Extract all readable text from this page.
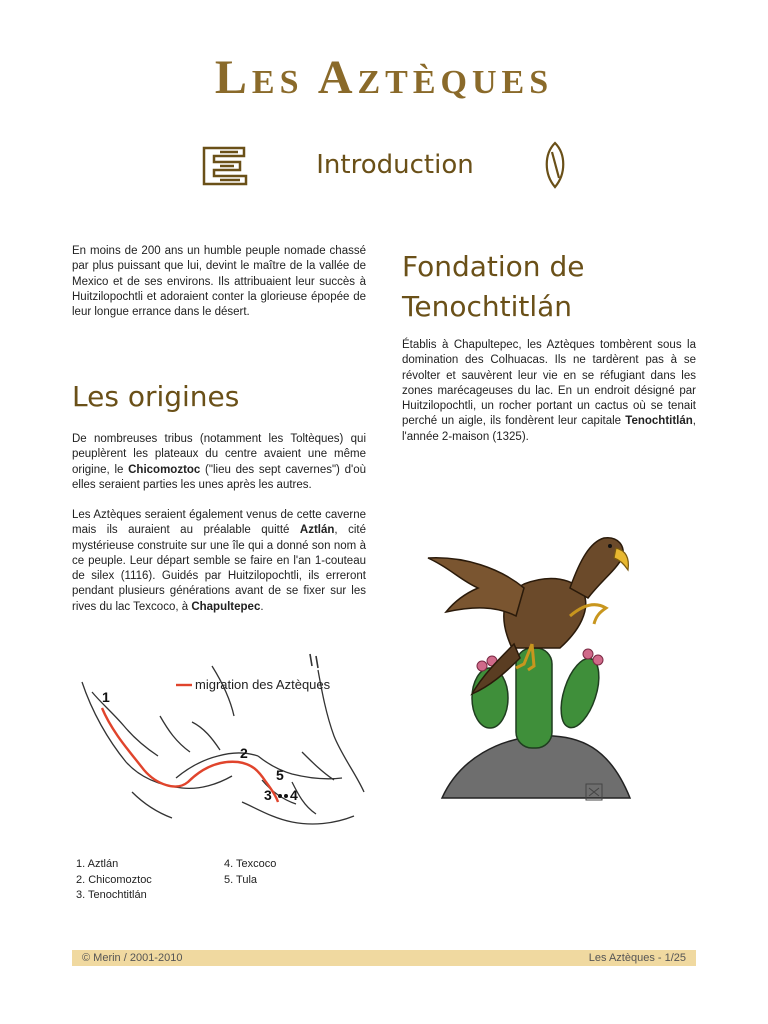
Les Aztèques
Introduction

En moins de 200 ans un humble peuple nomade chassé par plus puissant que lui, devint le maître de la vallée de Mexico et de ses environs. Ils attribuaient leur succès à Huitzilopochtli et adoraient conter la glorieuse épopée de leur longue errance dans le désert.

Les origines

De nombreuses tribus (notamment les Toltèques) qui peuplèrent les plateaux du centre avaient une même origine, le Chicomoztoc ("lieu des sept cavernes") d'où elles seraient parties les unes après les autres.

Les Aztèques seraient également venus de cette caverne mais ils auraient au préalable quitté Aztlán, cité mystérieuse construite sur une île qui a donné son nom à ce peuple. Leur départ semble se faire en l'an 1-couteau de silex (1116). Guidés par Huitzilopochtli, ils erreront pendant plusieurs générations avant de se fixer sur les rives du lac Texcoco, à Chapultepec.

Fondation de
Tenochtitlán

Établis à Chapultepec, les Aztèques tombèrent sous la domination des Colhuacas. Ils ne tardèrent pas à se révolter et sauvèrent leur vie en se réfugiant dans les zones marécageuses du lac. En un endroit désigné par Huitzilopochtli, un rocher portant un cactus où se tenait perché un aigle, ils fondèrent leur capitale Tenochtitlán, l'année 2-maison (1325).

migration des Aztèques
1
2
3 4
5
1. Aztlán
2. Chicomoztoc
3. Tenochtitlán
4. Texcoco
5. Tula
© Merin / 2001-2010	Les Aztèques - 1/25
